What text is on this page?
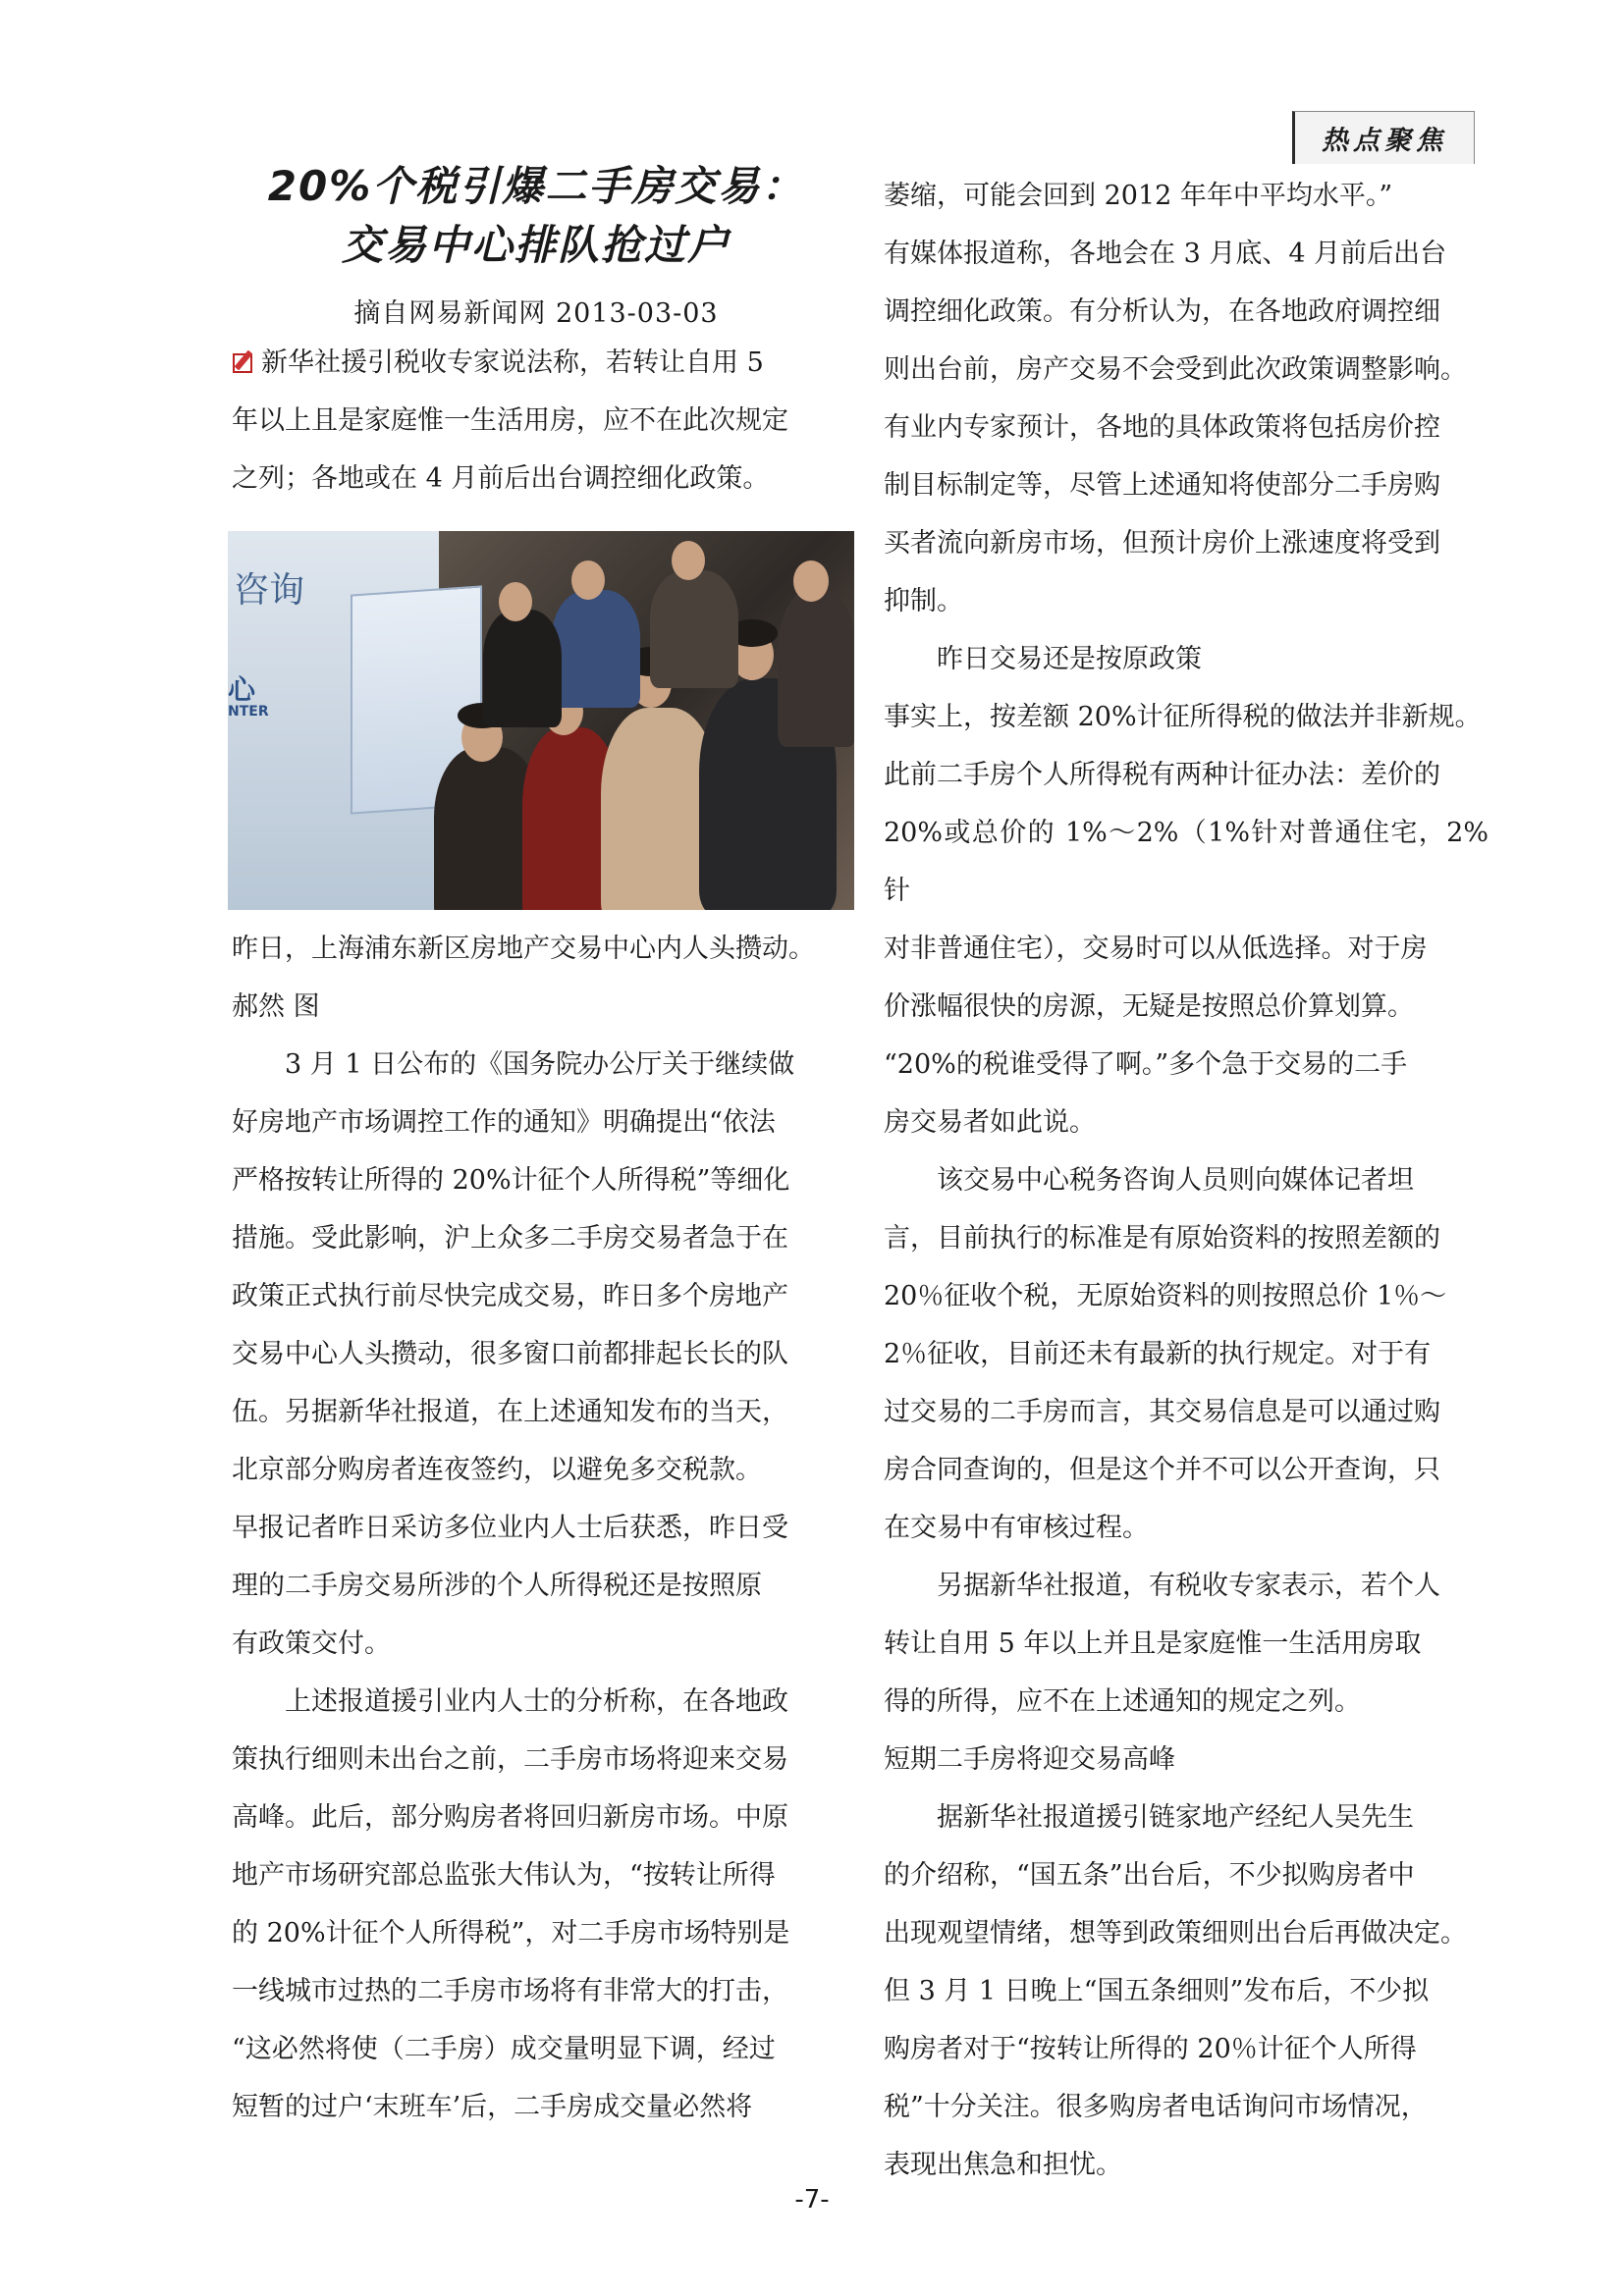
热点聚焦
20%个税引爆二手房交易：
交易中心排队抢过户
摘自网易新闻网 2013-03-03

新华社援引税收专家说法称，若转让自用 5

年以上且是家庭惟一生活用房，应不在此次规定

之列；各地或在 4 月前后出台调控细化政策。

咨询
心
NTER

昨日，上海浦东新区房地产交易中心内人头攒动。

郝然 图

3 月 1 日公布的《国务院办公厅关于继续做

好房地产市场调控工作的通知》明确提出“依法

严格按转让所得的 20%计征个人所得税”等细化

措施。受此影响，沪上众多二手房交易者急于在

政策正式执行前尽快完成交易，昨日多个房地产

交易中心人头攒动，很多窗口前都排起长长的队

伍。另据新华社报道，在上述通知发布的当天，

北京部分购房者连夜签约，以避免多交税款。

早报记者昨日采访多位业内人士后获悉，昨日受

理的二手房交易所涉的个人所得税还是按照原

有政策交付。

上述报道援引业内人士的分析称，在各地政

策执行细则未出台之前，二手房市场将迎来交易

高峰。此后，部分购房者将回归新房市场。中原

地产市场研究部总监张大伟认为，“按转让所得

的 20%计征个人所得税”，对二手房市场特别是

一线城市过热的二手房市场将有非常大的打击，

“这必然将使（二手房）成交量明显下调，经过

短暂的过户‘末班车’后，二手房成交量必然将

萎缩，可能会回到 2012 年年中平均水平。”

有媒体报道称，各地会在 3 月底、4 月前后出台

调控细化政策。有分析认为，在各地政府调控细

则出台前，房产交易不会受到此次政策调整影响。

有业内专家预计，各地的具体政策将包括房价控

制目标制定等，尽管上述通知将使部分二手房购

买者流向新房市场，但预计房价上涨速度将受到

抑制。

昨日交易还是按原政策

事实上，按差额 20%计征所得税的做法并非新规。

此前二手房个人所得税有两种计征办法：差价的

20%或总价的 1%～2%（1%针对普通住宅，2%针

对非普通住宅），交易时可以从低选择。对于房

价涨幅很快的房源，无疑是按照总价算划算。

“20%的税谁受得了啊。”多个急于交易的二手

房交易者如此说。

该交易中心税务咨询人员则向媒体记者坦

言，目前执行的标准是有原始资料的按照差额的

20％征收个税，无原始资料的则按照总价 1％～

2％征收，目前还未有最新的执行规定。对于有

过交易的二手房而言，其交易信息是可以通过购

房合同查询的，但是这个并不可以公开查询，只

在交易中有审核过程。

另据新华社报道，有税收专家表示，若个人

转让自用 5 年以上并且是家庭惟一生活用房取

得的所得，应不在上述通知的规定之列。

短期二手房将迎交易高峰

据新华社报道援引链家地产经纪人吴先生

的介绍称，“国五条”出台后，不少拟购房者中

出现观望情绪，想等到政策细则出台后再做决定。

但 3 月 1 日晚上“国五条细则”发布后，不少拟

购房者对于“按转让所得的 20％计征个人所得

税”十分关注。很多购房者电话询问市场情况，

表现出焦急和担忧。

-7-
